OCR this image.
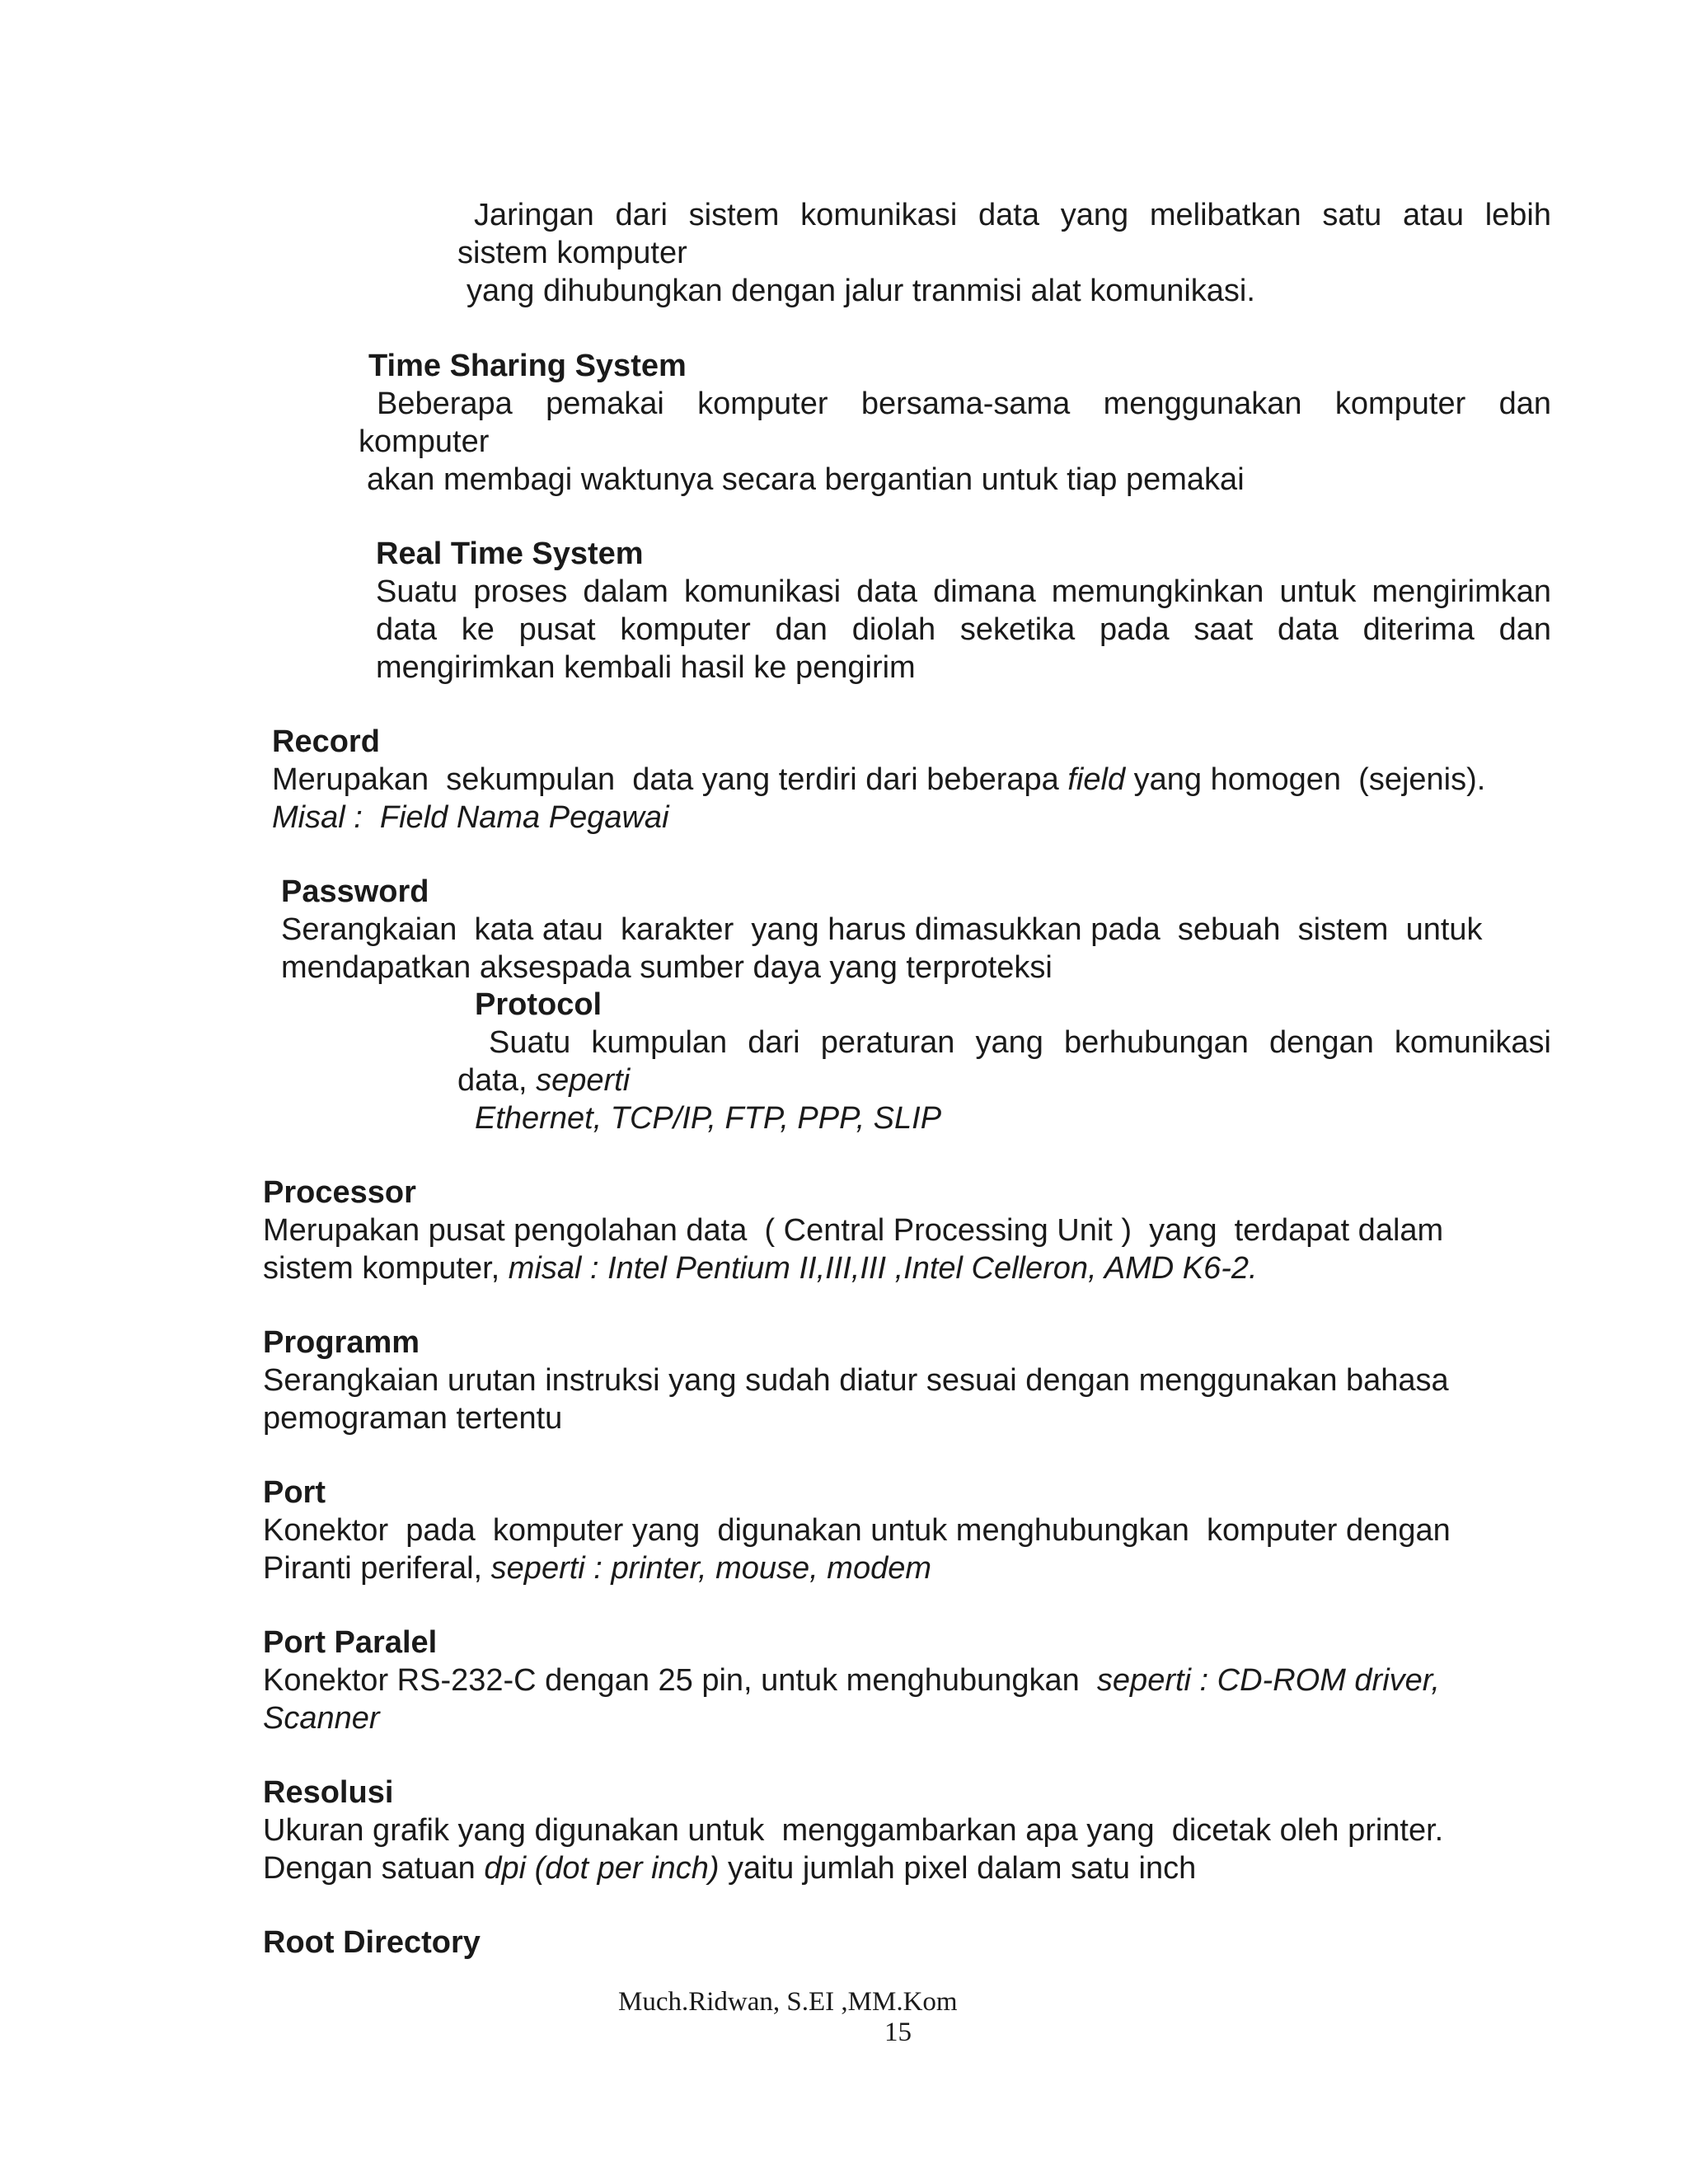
Jaringan dari sistem komunikasi data yang melibatkan satu atau lebih

sistem komputer

yang dihubungkan dengan jalur tranmisi alat komunikasi.

Time Sharing System

Beberapa pemakai komputer bersama-sama menggunakan komputer dan

komputer

akan membagi waktunya secara bergantian untuk tiap pemakai

Real Time System

Suatu proses dalam komunikasi data dimana memungkinkan untuk mengirimkan

data ke pusat komputer dan diolah seketika pada saat data diterima dan

mengirimkan kembali hasil ke pengirim

Record

Merupakan  sekumpulan  data yang terdiri dari beberapa field yang homogen  (sejenis).

Misal :  Field Nama Pegawai

Password

Serangkaian  kata atau  karakter  yang harus dimasukkan pada  sebuah  sistem  untuk

mendapatkan aksespada sumber daya yang terproteksi

Protocol

Suatu kumpulan dari peraturan yang berhubungan dengan komunikasi

data, seperti

Ethernet, TCP/IP, FTP, PPP, SLIP

Processor

Merupakan pusat pengolahan data  ( Central Processing Unit )  yang  terdapat dalam

sistem komputer, misal : Intel Pentium II,III,III ,Intel Celleron, AMD K6-2.

Programm

Serangkaian urutan instruksi yang sudah diatur sesuai dengan menggunakan bahasa

pemograman tertentu

Port

Konektor  pada  komputer yang  digunakan untuk menghubungkan  komputer dengan

Piranti periferal, seperti : printer, mouse, modem

Port Paralel

Konektor RS-232-C dengan 25 pin, untuk menghubungkan  seperti : CD-ROM driver,

Scanner

Resolusi

Ukuran grafik yang digunakan untuk  menggambarkan apa yang  dicetak oleh printer.

Dengan satuan dpi (dot per inch) yaitu jumlah pixel dalam satu inch

Root Directory

Much.Ridwan, S.EI ,MM.Kom

15
